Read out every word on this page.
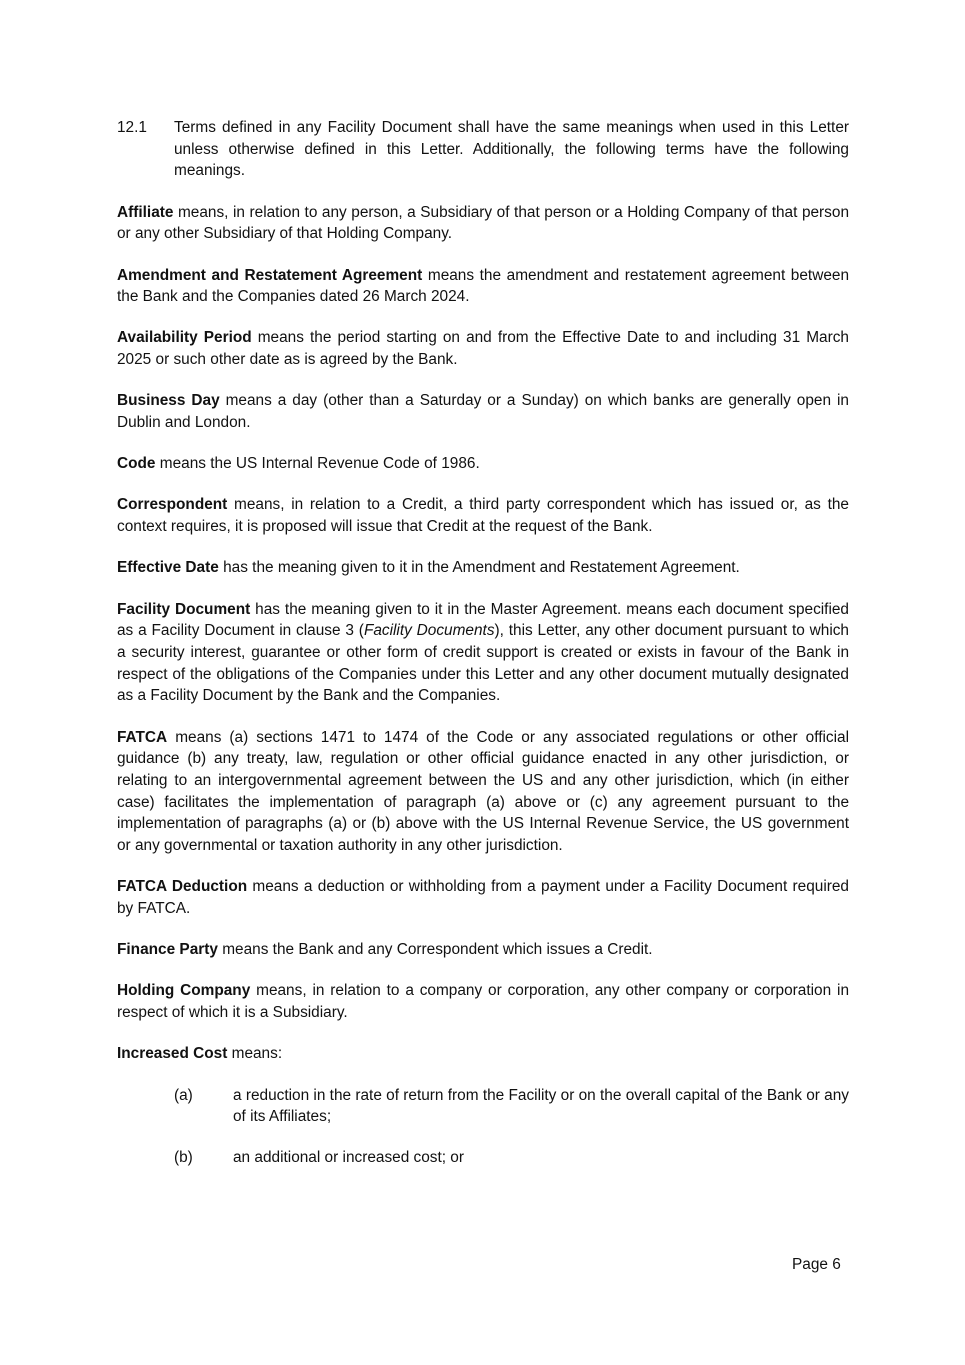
12.1	Terms defined in any Facility Document shall have the same meanings when used in this Letter unless otherwise defined in this Letter. Additionally, the following terms have the following meanings.

Affiliate means, in relation to any person, a Subsidiary of that person or a Holding Company of that person or any other Subsidiary of that Holding Company.

Amendment and Restatement Agreement means the amendment and restatement agreement between the Bank and the Companies dated 26 March 2024.

Availability Period means the period starting on and from the Effective Date to and including 31 March 2025 or such other date as is agreed by the Bank.

Business Day means a day (other than a Saturday or a Sunday) on which banks are generally open in Dublin and London.

Code means the US Internal Revenue Code of 1986.

Correspondent means, in relation to a Credit, a third party correspondent which has issued or, as the context requires, it is proposed will issue that Credit at the request of the Bank.

Effective Date has the meaning given to it in the Amendment and Restatement Agreement.

Facility Document has the meaning given to it in the Master Agreement. means each document specified as a Facility Document in clause 3 (Facility Documents), this Letter, any other document pursuant to which a security interest, guarantee or other form of credit support is created or exists in favour of the Bank in respect of the obligations of the Companies under this Letter and any other document mutually designated as a Facility Document by the Bank and the Companies.

FATCA means (a) sections 1471 to 1474 of the Code or any associated regulations or other official guidance (b) any treaty, law, regulation or other official guidance enacted in any other jurisdiction, or relating to an intergovernmental agreement between the US and any other jurisdiction, which (in either case) facilitates the implementation of paragraph (a) above or (c) any agreement pursuant to the implementation of paragraphs (a) or (b) above with the US Internal Revenue Service, the US government or any governmental or taxation authority in any other jurisdiction.

FATCA Deduction means a deduction or withholding from a payment under a Facility Document required by FATCA.

Finance Party means the Bank and any Correspondent which issues a Credit.

Holding Company means, in relation to a company or corporation, any other company or corporation in respect of which it is a Subsidiary.

Increased Cost means:

(a)	a reduction in the rate of return from the Facility or on the overall capital of the Bank or any of its Affiliates;
(b)	an additional or increased cost; or
Page 6
